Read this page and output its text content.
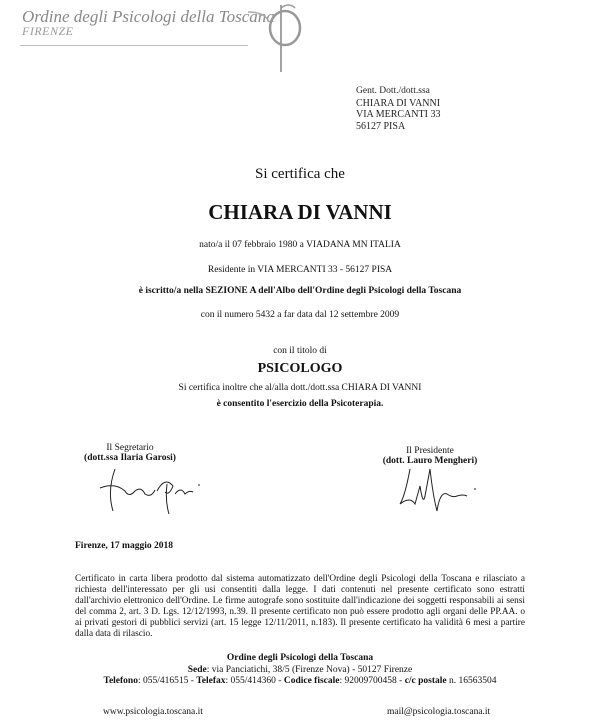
Ordine degli Psicologi della Toscana
FIRENZE
Gent. Dott./dott.ssa
CHIARA DI VANNI
VIA MERCANTI 33
56127 PISA
Si certifica che
CHIARA DI VANNI
nato/a il 07 febbraio 1980 a VIADANA MN ITALIA
Residente in VIA MERCANTI 33 - 56127 PISA
è iscritto/a nella SEZIONE A dell'Albo dell'Ordine degli Psicologi della Toscana
con il numero 5432 a far data dal 12 settembre 2009
con il titolo di
PSICOLOGO
Si certifica inoltre che al/alla dott./dott.ssa CHIARA DI VANNI
è consentito l'esercizio della Psicoterapia.
Il Segretario
(dott.ssa Ilaria Garosi)
Il Presidente
(dott. Lauro Mengheri)
Firenze, 17 maggio 2018
Certificato in carta libera prodotto dal sistema automatizzato dell'Ordine degli Psicologi della Toscana e rilasciato a richiesta dell'interessato per gli usi consentiti dalla legge. I dati contenuti nel presente certificato sono estratti dall'archivio elettronico dell'Ordine. Le firme autografe sono sostituite dall'indicazione dei soggetti responsabili ai sensi del comma 2, art. 3 D. Lgs. 12/12/1993, n.39. Il presente certificato non può essere prodotto agli organi delle PP.AA. o ai privati gestori di pubblici servizi (art. 15 legge 12/11/2011, n.183). Il presente certificato ha validità 6 mesi a partire dalla data di rilascio.
Ordine degli Psicologi della Toscana
Sede: via Panciatichi, 38/5 (Firenze Nova) - 50127 Firenze
Telefono: 055/416515 - Telefax: 055/414360 - Codice fiscale: 92009700458 - c/c postale n. 16563504
www.psicologia.toscana.it	mail@psicologia.toscana.it
